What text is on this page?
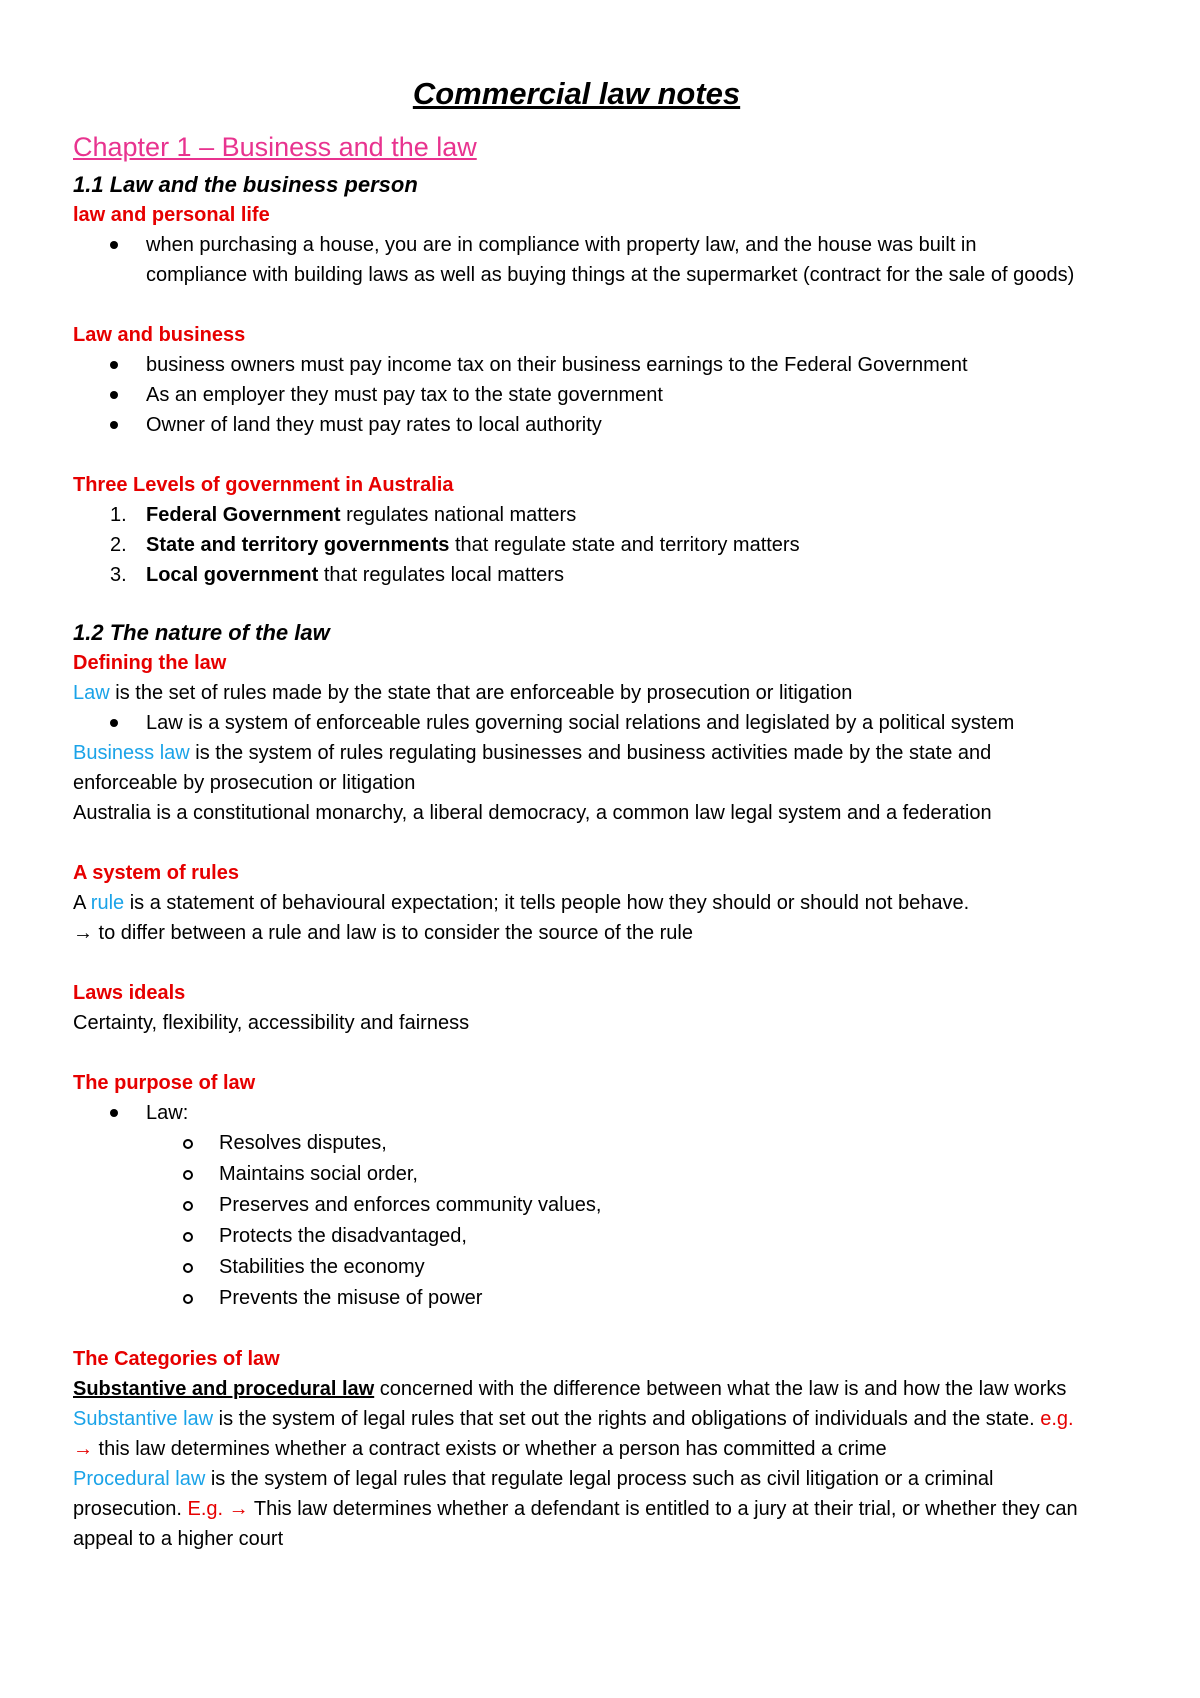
Commercial law notes
Chapter 1 – Business and the law
1.1 Law and the business person
law and personal life
when purchasing a house, you are in compliance with property law, and the house was built in compliance with building laws as well as buying things at the supermarket (contract for the sale of goods)
Law and business
business owners must pay income tax on their business earnings to the Federal Government
As an employer they must pay tax to the state government
Owner of land they must pay rates to local authority
Three Levels of government in Australia
1. Federal Government regulates national matters
2. State and territory governments that regulate state and territory matters
3. Local government that regulates local matters
1.2 The nature of the law
Defining the law

Law is the set of rules made by the state that are enforceable by prosecution or litigation

Law is a system of enforceable rules governing social relations and legislated by a political system

Business law is the system of rules regulating businesses and business activities made by the state and enforceable by prosecution or litigation

Australia is a constitutional monarchy, a liberal democracy, a common law legal system and a federation

A system of rules

A rule is a statement of behavioural expectation; it tells people how they should or should not behave.

→ to differ between a rule and law is to consider the source of the rule

Laws ideals

Certainty, flexibility, accessibility and fairness

The purpose of law
Law:
Resolves disputes,
Maintains social order,
Preserves and enforces community values,
Protects the disadvantaged,
Stabilities the economy
Prevents the misuse of power
The Categories of law

Substantive and procedural law concerned with the difference between what the law is and how the law works

Substantive law is the system of legal rules that set out the rights and obligations of individuals and the state. e.g. → this law determines whether a contract exists or whether a person has committed a crime

Procedural law is the system of legal rules that regulate legal process such as civil litigation or a criminal prosecution. E.g. → This law determines whether a defendant is entitled to a jury at their trial, or whether they can appeal to a higher court
